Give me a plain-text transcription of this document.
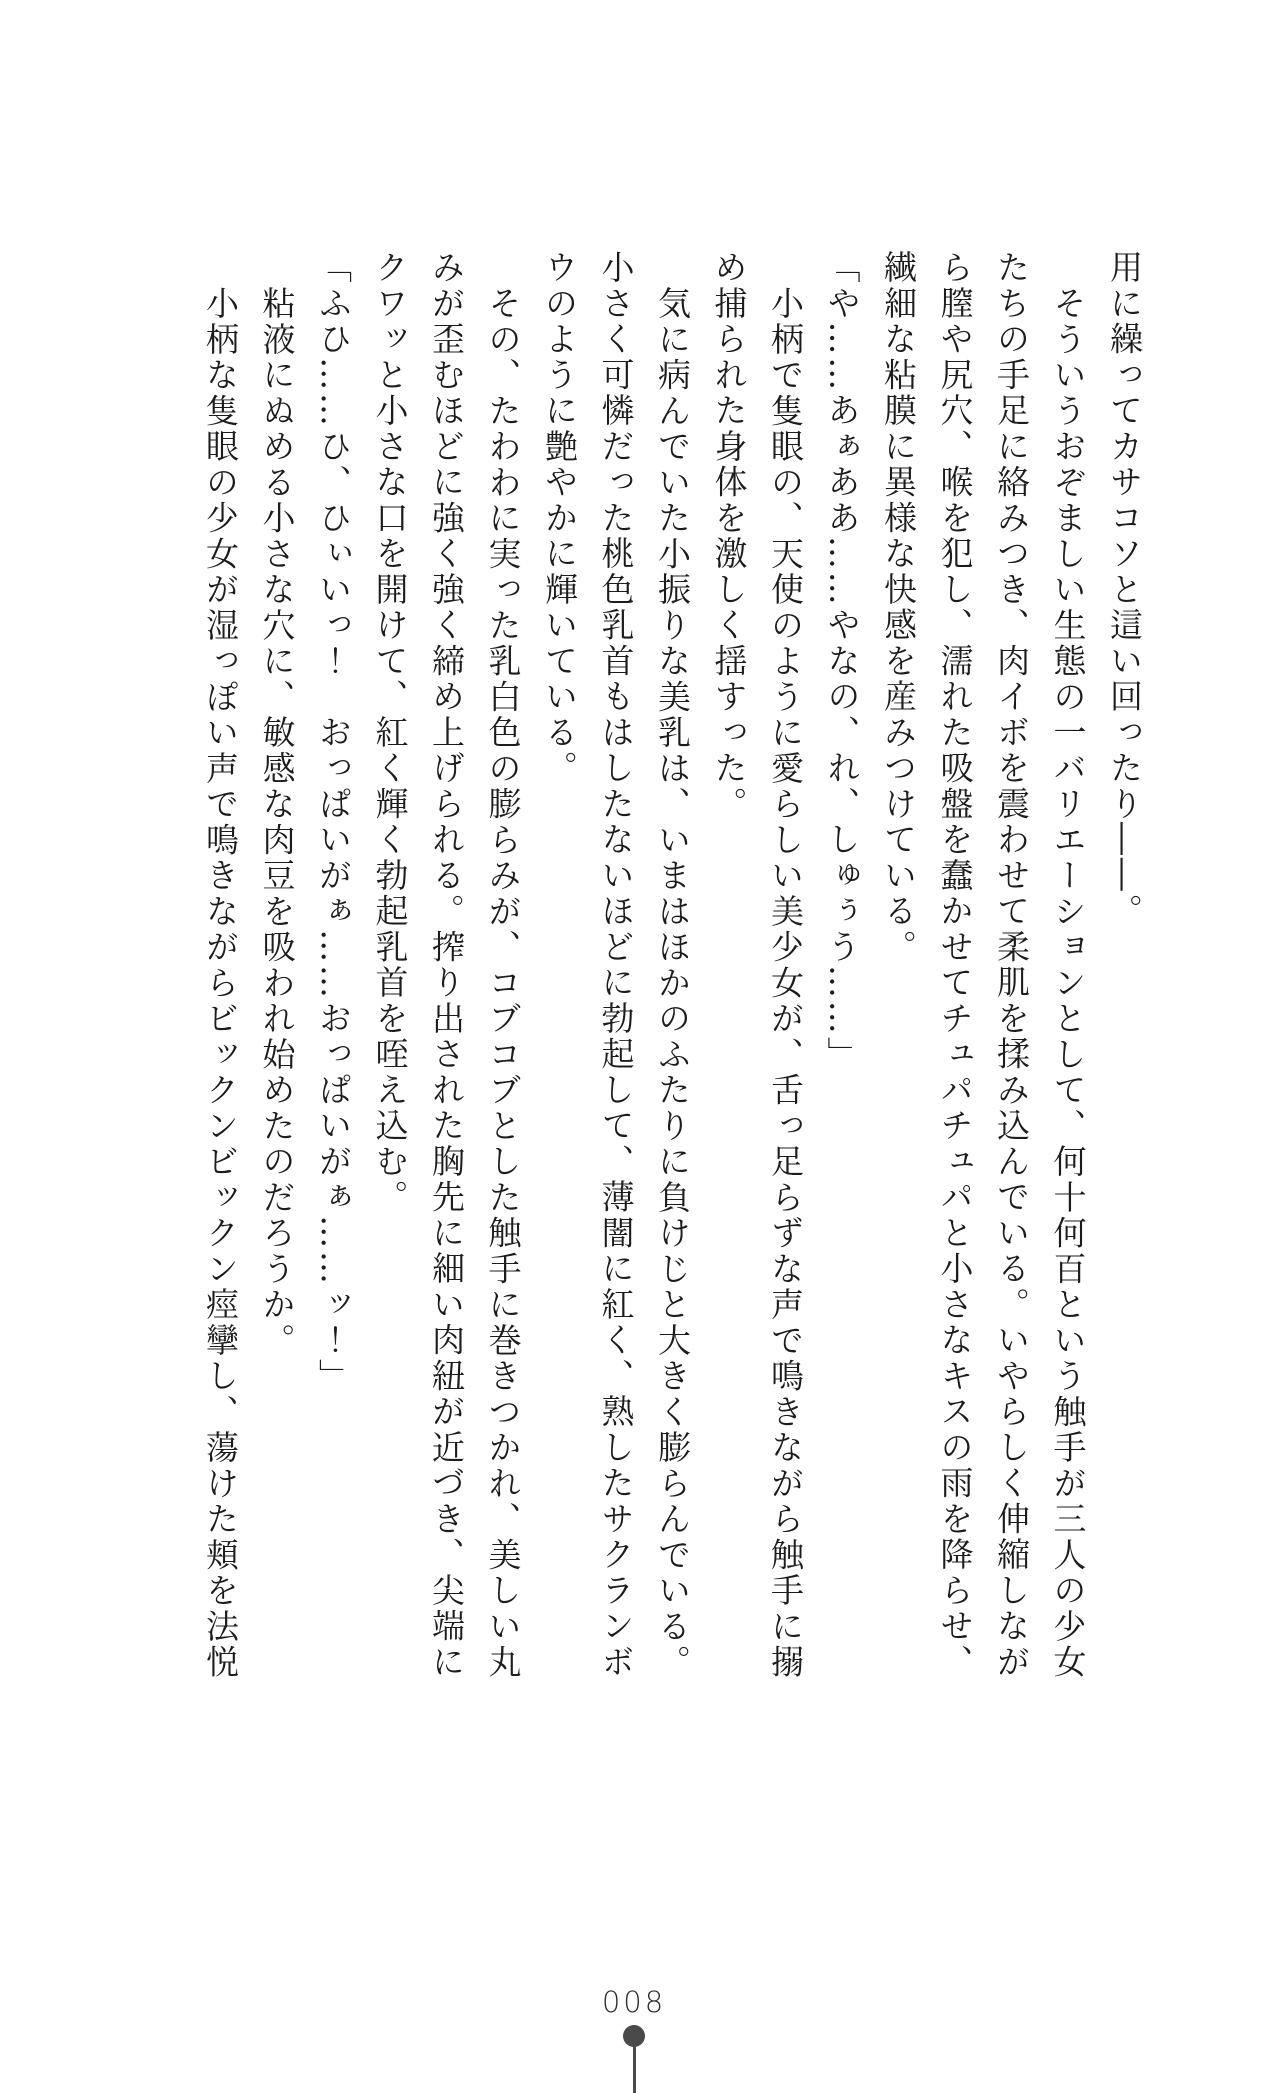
用に繰ってカサコソと這い回ったり――。

そういうおぞましい生態の一バリエーションとして、何十何百という触手が三人の少女たちの手足に絡みつき、肉イボを震わせて柔肌を揉み込んでいる。いやらしく伸縮しながら膣や尻穴、喉を犯し、濡れた吸盤を蠢かせてチュパチュパと小さなキスの雨を降らせ、繊細な粘膜に異様な快感を産みつけている。

「や……あぁああ……やなの、れ、しゅぅう……」

小柄で隻眼の、天使のように愛らしい美少女が、舌っ足らずな声で鳴きながら触手に搦め捕られた身体を激しく揺すった。

気に病んでいた小振りな美乳は、いまはほかのふたりに負けじと大きく膨らんでいる。小さく可憐だった桃色乳首もはしたないほどに勃起して、薄闇に紅く、熟したサクランボウのように艶やかに輝いている。

その、たわわに実った乳白色の膨らみが、コブコブとした触手に巻きつかれ、美しい丸みが歪むほどに強く強く締め上げられる。搾り出された胸先に細い肉紐が近づき、尖端にクワッと小さな口を開けて、紅く輝く勃起乳首を咥え込む。

「ふひ……ひ、ひぃいっ！　おっぱいがぁ……おっぱいがぁ……ッ！」

粘液にぬめる小さな穴に、敏感な肉豆を吸われ始めたのだろうか。

小柄な隻眼の少女が湿っぽい声で鳴きながらビックンビックン痙攣し、蕩けた頬を法悦

008
